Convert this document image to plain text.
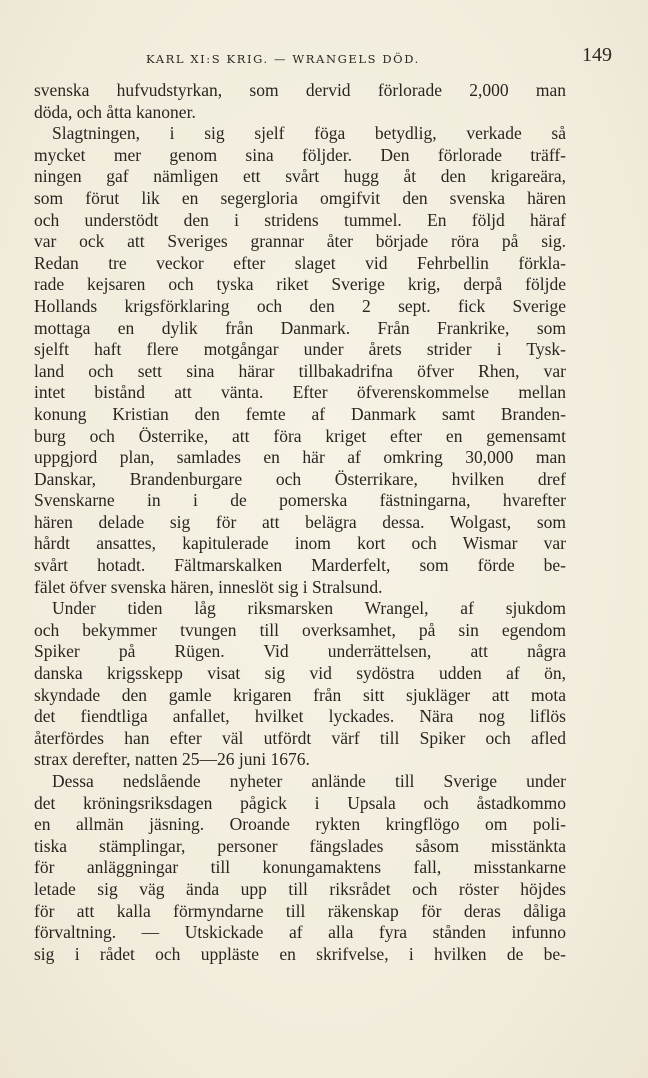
KARL XI:S KRIG. — WRANGELS DÖD.	149
svenska hufvudstyrkan, som dervid förlorade 2,000 man
döda, och åtta kanoner.
Slagtningen, i sig sjelf föga betydlig, verkade så
mycket mer genom sina följder. Den förlorade träff-
ningen gaf nämligen ett svårt hugg åt den krigareära,
som förut lik en segergloria omgifvit den svenska hären
och understödt den i stridens tummel. En följd häraf
var ock att Sveriges grannar åter började röra på sig.
Redan tre veckor efter slaget vid Fehrbellin förkla-
rade kejsaren och tyska riket Sverige krig, derpå följde
Hollands krigsförklaring och den 2 sept. fick Sverige
mottaga en dylik från Danmark. Från Frankrike, som
sjelft haft flere motgångar under årets strider i Tysk-
land och sett sina härar tillbakadrifna öfver Rhen, var
intet bistånd att vänta. Efter öfverenskommelse mellan
konung Kristian den femte af Danmark samt Branden-
burg och Österrike, att föra kriget efter en gemensamt
uppgjord plan, samlades en här af omkring 30,000 man
Danskar, Brandenburgare och Österrikare, hvilken dref
Svenskarne in i de pomerska fästningarna, hvarefter
hären delade sig för att belägra dessa. Wolgast, som
hårdt ansattes, kapitulerade inom kort och Wismar var
svårt hotadt. Fältmarskalken Marderfelt, som förde be-
fälet öfver svenska hären, inneslöt sig i Stralsund.
Under tiden låg riksmarsken Wrangel, af sjukdom
och bekymmer tvungen till overksamhet, på sin egendom
Spiker på Rügen. Vid underrättelsen, att några
danska krigsskepp visat sig vid sydöstra udden af ön,
skyndade den gamle krigaren från sitt sjukläger att mota
det fiendtliga anfallet, hvilket lyckades. Nära nog liflös
återfördes han efter väl utfördt värf till Spiker och afled
strax derefter, natten 25—26 juni 1676.
Dessa nedslående nyheter anlände till Sverige under
det kröningsriksdagen pågick i Upsala och åstadkommo
en allmän jäsning. Oroande rykten kringflögo om poli-
tiska stämplingar, personer fängslades såsom misstänkta
för anläggningar till konungamaktens fall, misstankarne
letade sig väg ända upp till riksrådet och röster höjdes
för att kalla förmyndarne till räkenskap för deras dåliga
förvaltning. — Utskickade af alla fyra stånden infunno
sig i rådet och uppläste en skrifvelse, i hvilken de be-
